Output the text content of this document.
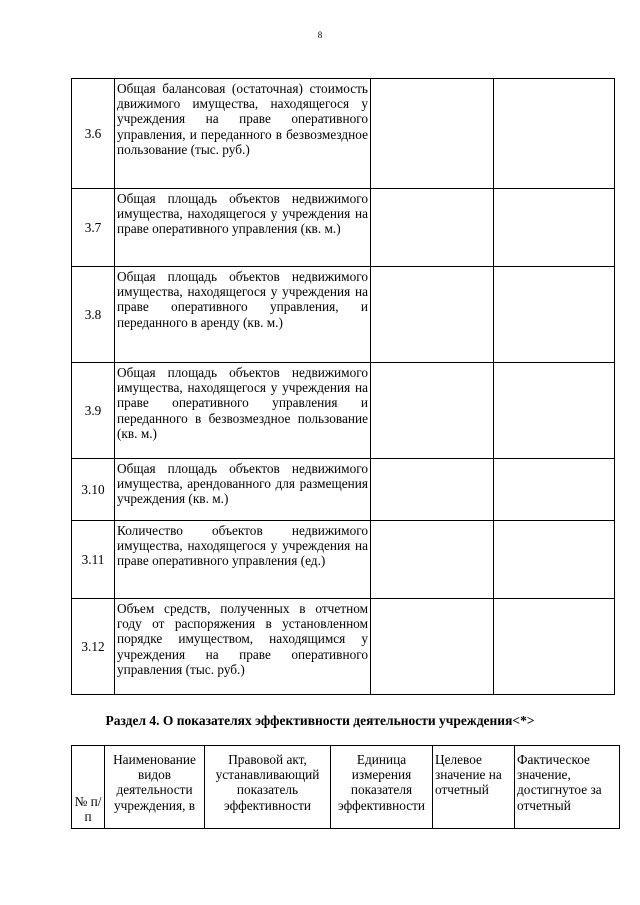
8
3.6	Общая балансовая (остаточная) стоимость движимого имущества, находящегося у учреждения на праве оперативного управления, и переданного в безвозмездное пользование (тыс. руб.)		
3.7	Общая площадь объектов недвижимого имущества, находящегося у учреждения на праве оперативного управления (кв. м.)		
3.8	Общая площадь объектов недвижимого имущества, находящегося у учреждения на праве оперативного управления, и переданного в аренду (кв. м.)		
3.9	Общая площадь объектов недвижимого имущества, находящегося у учреждения на праве оперативного управления и переданного в безвозмездное пользование (кв. м.)		
3.10	Общая площадь объектов недвижимого имущества, арендованного для размещения учреждения (кв. м.)		
3.11	Количество объектов недвижимого имущества, находящегося у учреждения на праве оперативного управления (ед.)		
3.12	Объем средств, полученных в отчетном году от распоряжения в установленном порядке имуществом, находящимся у учреждения на праве оперативного управления (тыс. руб.)		
Раздел 4. О показателях эффективности деятельности учреждения<*>
№ п/п	Наименование видов деятельности учреждения, в	Правовой акт, устанавливающий показатель эффективности	Единица измерения показателя эффективности	Целевое значение на отчетный	Фактическое значение, достигнутое за отчетный
